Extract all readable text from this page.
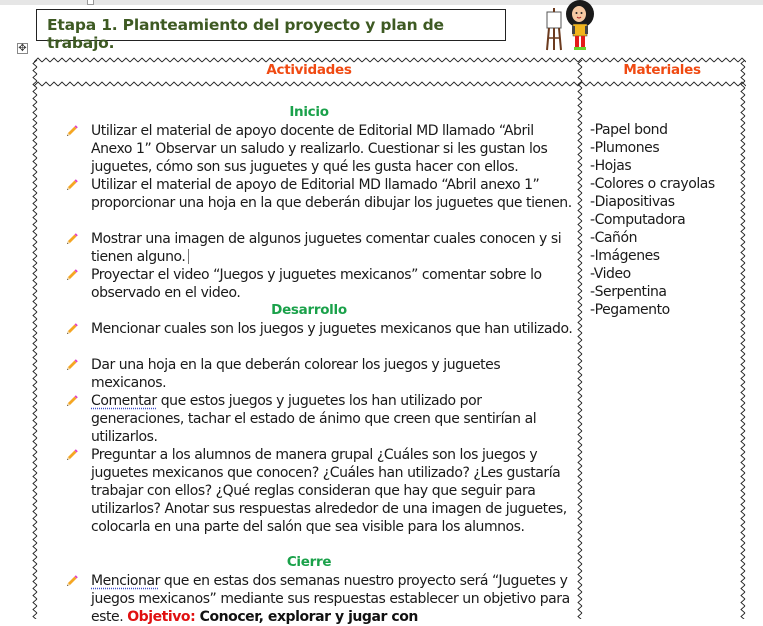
Etapa 1. Planteamiento del proyecto y plan de trabajo.
✥
Actividades	Materiales
Inicio
Utilizar el material de apoyo docente de Editorial MD llamado “Abril Anexo 1” Observar un saludo y realizarlo. Cuestionar si les gustan los juguetes, cómo son sus juguetes y qué les gusta hacer con ellos.
Utilizar el material de apoyo de Editorial MD llamado “Abril anexo 1” proporcionar una hoja en la que deberán dibujar los juguetes que tienen.
Mostrar una imagen de algunos juguetes comentar cuales conocen y si tienen alguno.
Proyectar el video “Juegos y juguetes mexicanos” comentar sobre lo observado en el video.
Desarrollo
Mencionar cuales son los juegos y juguetes mexicanos que han utilizado.
Dar una hoja en la que deberán colorear los juegos y juguetes mexicanos.
Comentar que estos juegos y juguetes los han utilizado por generaciones, tachar el estado de ánimo que creen que sentirían al utilizarlos.
Preguntar a los alumnos de manera grupal ¿Cuáles son los juegos y juguetes mexicanos que conocen? ¿Cuáles han utilizado? ¿Les gustaría trabajar con ellos? ¿Qué reglas consideran que hay que seguir para utilizarlos? Anotar sus respuestas alrededor de una imagen de juguetes, colocarla en una parte del salón que sea visible para los alumnos.
Cierre
Mencionar que en estas dos semanas nuestro proyecto será “Juguetes y juegos mexicanos” mediante sus respuestas establecer un objetivo para este. Objetivo: Conocer, explorar y jugar con
-Papel bond
-Plumones
-Hojas
-Colores o crayolas
-Diapositivas
-Computadora
-Cañón
-Imágenes
-Video
-Serpentina
-Pegamento
